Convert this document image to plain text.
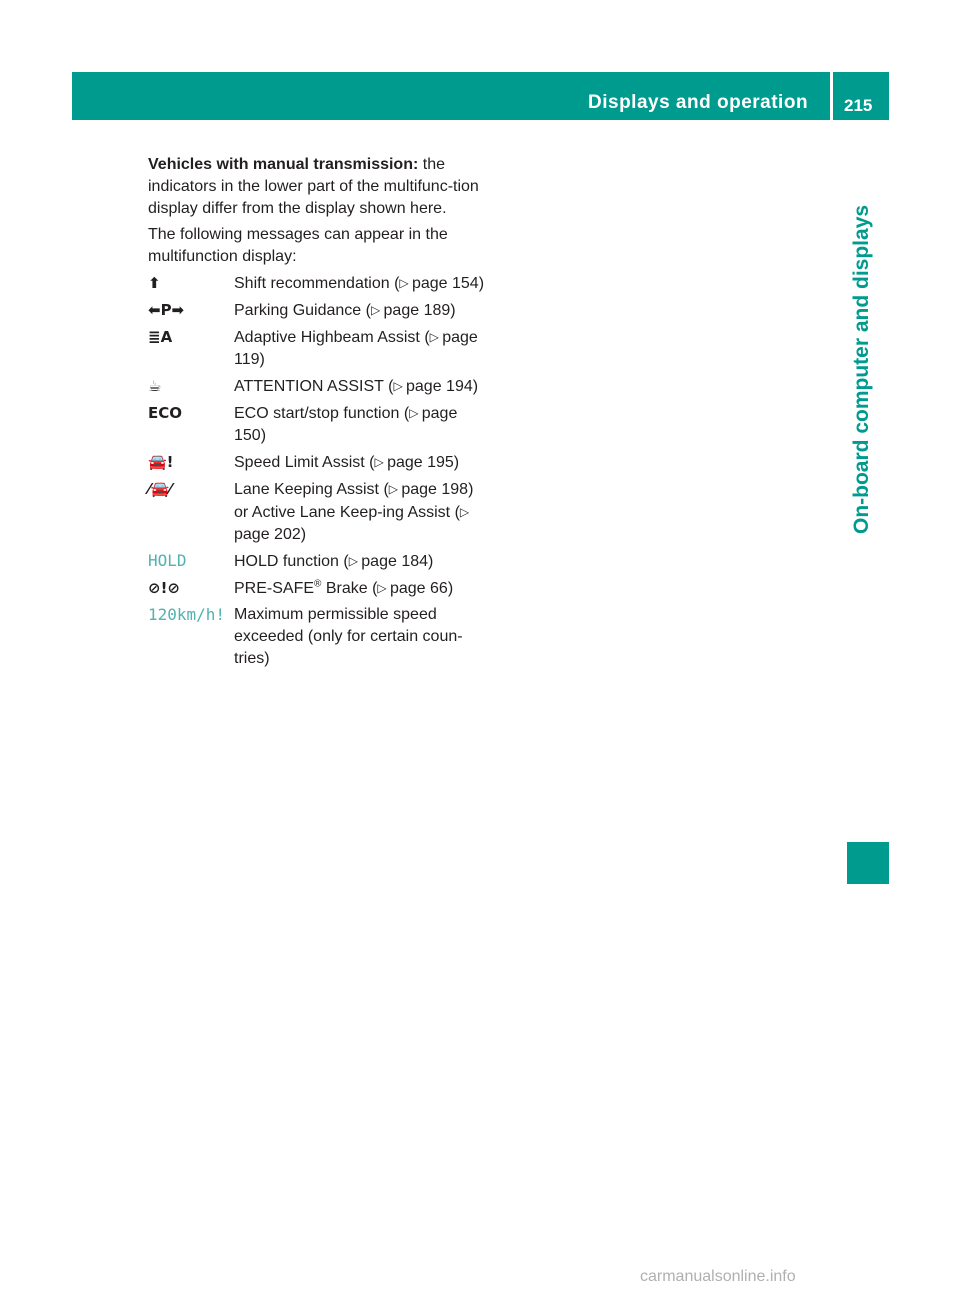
Displays and operation	215
On-board computer and displays

Vehicles with manual transmission: the indicators in the lower part of the multifunc-tion display differ from the display shown here.

The following messages can appear in the multifunction display:

⬆	Shift recommendation (▷ page 154)
⬅P➡	Parking Guidance (▷ page 189)
≣A	Adaptive Highbeam Assist (▷ page 119)
☕	ATTENTION ASSIST (▷ page 194)
ECO	ECO start/stop function (▷ page 150)
🚘!	Speed Limit Assist (▷ page 195)
⁄🚘⁄	Lane Keeping Assist (▷ page 198) or Active Lane Keep-ing Assist (▷ page 202)
HOLD	HOLD function (▷ page 184)
⊘!⊘	PRE-SAFE® Brake (▷ page 66)
120km/h! Maximum permissible speed exceeded (only for certain coun-tries)
carmanualsonline.info
